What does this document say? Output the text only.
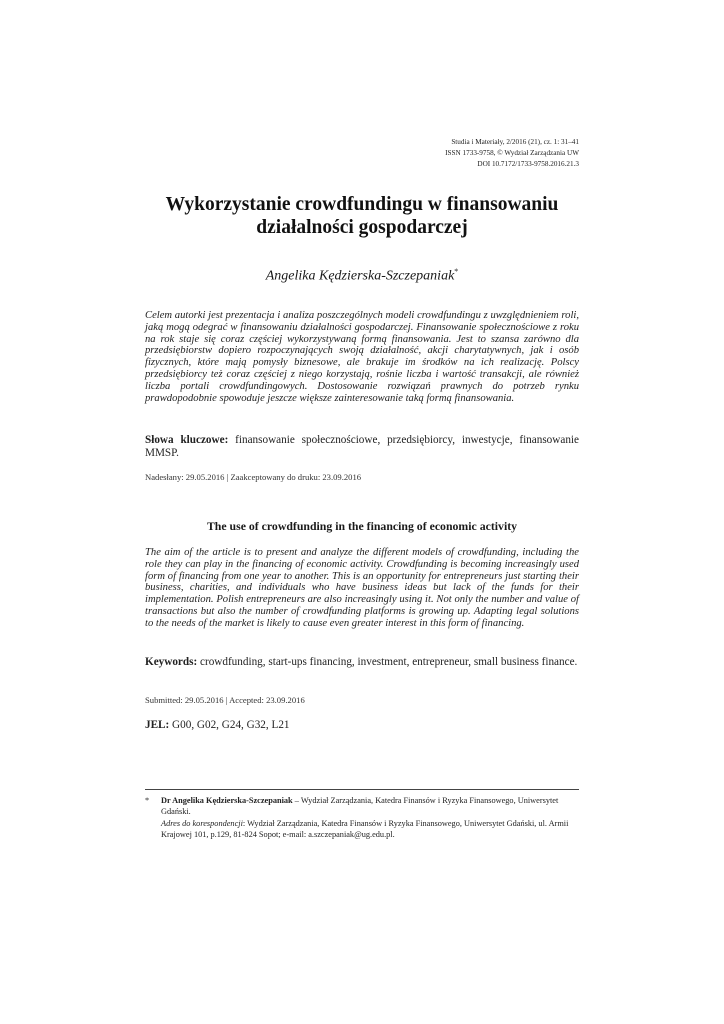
Studia i Materiały, 2/2016 (21), cz. 1: 31–41
ISSN 1733-9758, © Wydział Zarządzania UW
DOI 10.7172/1733-9758.2016.21.3
Wykorzystanie crowdfundingu w finansowaniu
działalności gospodarczej
Angelika Kędzierska-Szczepaniak*
Celem autorki jest prezentacja i analiza poszczególnych modeli crowdfundingu z uwzględnieniem roli, jaką mogą odegrać w finansowaniu działalności gospodarczej. Finansowanie społecznościowe z roku na rok staje się coraz częściej wykorzystywaną formą finansowania. Jest to szansa zarówno dla przedsiębiorstw dopiero rozpoczynających swoją działalność, akcji charytatywnych, jak i osób fizycznych, które mają pomysły biznesowe, ale brakuje im środków na ich realizację. Polscy przedsiębiorcy też coraz częściej z niego korzystają, rośnie liczba i wartość transakcji, ale również liczba portali crowdfundingowych. Dostosowanie rozwiązań prawnych do potrzeb rynku prawdopodobnie spowoduje jeszcze większe zainteresowanie taką formą finansowania.
Słowa kluczowe: finansowanie społecznościowe, przedsiębiorcy, inwestycje, finansowanie MMSP.
Nadesłany: 29.05.2016 | Zaakceptowany do druku: 23.09.2016
The use of crowdfunding in the financing of economic activity
The aim of the article is to present and analyze the different models of crowdfunding, including the role they can play in the financing of economic activity. Crowdfunding is becoming increasingly used form of financing from one year to another. This is an opportunity for entrepreneurs just starting their business, charities, and individuals who have business ideas but lack of the funds for their implementation. Polish entrepreneurs are also increasingly using it. Not only the number and value of transactions but also the number of crowdfunding platforms is growing up. Adapting legal solutions to the needs of the market is likely to cause even greater interest in this form of financing.
Keywords: crowdfunding, start-ups financing, investment, entrepreneur, small business finance.
Submitted: 29.05.2016 | Accepted: 23.09.2016
JEL: G00, G02, G24, G32, L21
* Dr Angelika Kędzierska-Szczepaniak – Wydział Zarządzania, Katedra Finansów i Ryzyka Finansowego, Uniwersytet Gdański.
Adres do korespondencji: Wydział Zarządzania, Katedra Finansów i Ryzyka Finansowego, Uniwersytet Gdański, ul. Armii Krajowej 101, p.129, 81-824 Sopot; e-mail: a.szczepaniak@ug.edu.pl.
